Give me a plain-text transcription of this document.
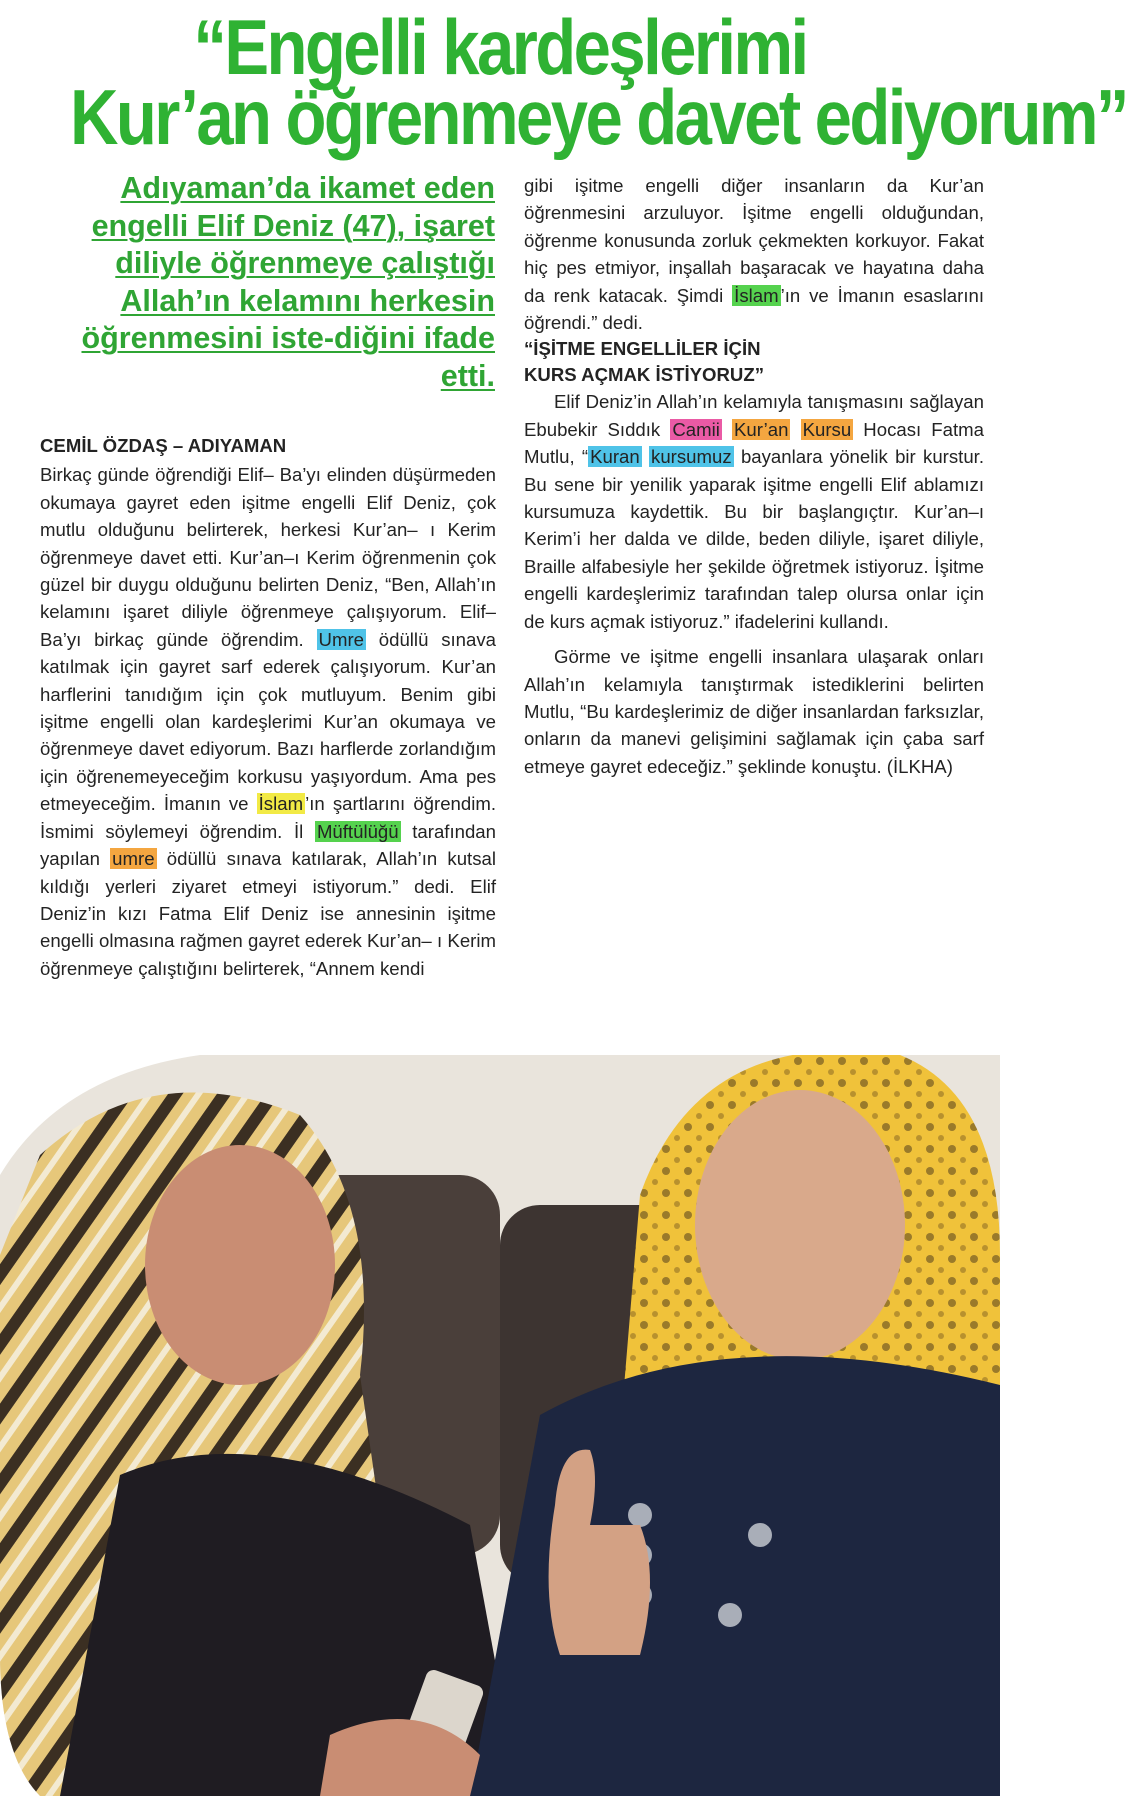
“Engelli kardeşlerimi
Kur’an öğrenmeye davet ediyorum”
Adıyaman’da ikamet eden engelli Elif Deniz (47), işaret diliyle öğrenmeye çalıştığı Allah’ın kelamını herkesin öğrenmesini iste-diğini ifade etti.
CEMİL ÖZDAŞ – ADIYAMAN

Birkaç günde öğrendiği Elif– Ba’yı elinden düşürmeden okumaya gayret eden işitme engelli Elif Deniz, çok mutlu olduğunu belirterek, herkesi Kur’an– ı Kerim öğrenmeye davet etti. Kur’an–ı Kerim öğrenmenin çok güzel bir duygu olduğunu belirten Deniz, “Ben, Allah’ın kelamını işaret diliyle öğrenmeye çalışıyorum. Elif– Ba’yı birkaç günde öğrendim. Umre ödüllü sınava katılmak için gayret sarf ederek çalışıyorum. Kur’an harflerini tanıdığım için çok mutluyum. Benim gibi işitme engelli olan kardeşlerimi Kur’an okumaya ve öğrenmeye davet ediyorum. Bazı harflerde zorlandığım için öğrenemeyeceğim korkusu yaşıyordum. Ama pes etmeyeceğim. İmanın ve İslam ’ın şartlarını öğrendim. İsmimi söylemeyi öğrendim. İl Müftülüğü tarafından yapılan umre ödüllü sınava katılarak, Allah’ın kutsal kıldığı yerleri ziyaret etmeyi istiyorum.” dedi. Elif Deniz’in kızı Fatma Elif Deniz ise annesinin işitme engelli olmasına rağmen gayret ederek Kur’an– ı Kerim öğrenmeye çalıştığını belirterek, “Annem kendi

gibi işitme engelli diğer insanların da Kur’an öğrenmesini arzuluyor. İşitme engelli olduğundan, öğrenme konusunda zorluk çekmekten korkuyor. Fakat hiç pes etmiyor, inşallah başaracak ve hayatına daha da renk katacak. Şimdi İslam ’ın ve İmanın esaslarını öğrendi.” dedi.

“İŞİTME ENGELLİLER İÇİN
KURS AÇMAK İSTİYORUZ”

Elif Deniz’in Allah’ın kelamıyla tanışmasını sağlayan Ebubekir Sıddık Camii Kur’an Kursu Hocası Fatma Mutlu, “ Kuran kursumuz bayanlara yönelik bir kurstur. Bu sene bir yenilik yaparak işitme engelli Elif ablamızı kursumuza kaydettik. Bu bir başlangıçtır. Kur’an–ı Kerim’i her dalda ve dilde, beden diliyle, işaret diliyle, Braille alfabesiyle her şekilde öğretmek istiyoruz. İşitme engelli kardeşlerimiz tarafından talep olursa onlar için de kurs açmak istiyoruz.” ifadelerini kullandı.

Görme ve işitme engelli insanlara ulaşarak onları Allah’ın kelamıyla tanıştırmak istediklerini belirten Mutlu, “Bu kardeşlerimiz de diğer insanlardan farksızlar, onların da manevi gelişimini sağlamak için çaba sarf etmeye gayret edeceğiz.” şeklinde konuştu. (İLKHA)
